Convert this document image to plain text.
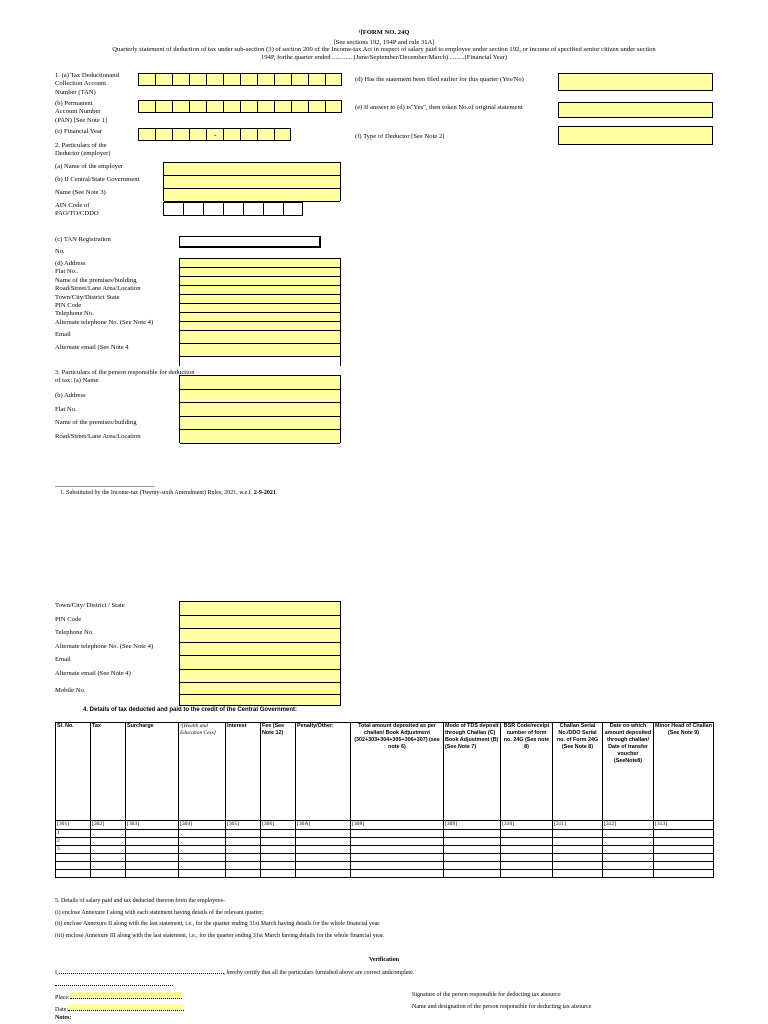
¹[FORM NO. 24Q
[See sections 192, 194P and rule 31A]
Quarterly statement of deduction of tax under sub-section (3) of section 200 of the Income-tax Act in respect of salary paid to employee under section 192, or income of specified senior citizen under section
194P, forthe quarter ended ............ (June/September/December/March) .........(Financial Year)
1. (a) Tax Deductionand
Collection Account
Number (TAN)
(b) Permanent
Account Number
(PAN) [See Note 1]
(c) Financial Year	-
(d) Has the statement been filed earlier for this quarter (Yes/No)
(e) If answer to (d) is"Yes", then token No.of original statement
(f) Type of Deductor [See Note 2]
2. Particulars of the
Deductor (employer)
(a) Name of the employer
(b) If Central/State Government
Name (See Note 3)
AIN Code of
PAO/TO/CDDO
(c) TAN Registration
No.
(d) Address
Flat No..
Name of the premises/building
Road/Street/Lane Area/Location
Town/City/District State
PIN Code
Telephone No.
Alternate telephone No. (See Note 4)
Email
Alternate email (See Note 4
3. Particulars of the person responsible for deduction
of tax: (a) Name
(b) Address
Flat No.
Name of the premises/building
Road/Street/Lane Area/Location
1. Substituted by the Income-tax (Twenty-sixth Amendment) Rules, 2021, w.e.f. 2-9-2021.
Town/City/ District / State
PIN Code
Telephone No.
Alternate telephone No. (See Note 4)
Email
Alternate email (See Note 4)
Mobile No.
4. Details of tax deducted and paid to the credit of the Central Government:
Sl. No.	Tax	Surcharge	²[Health and Education Cess]	Interest	Fee (See Note 12)	Penalty/Other:	Total amount deposited as per challan/ Book Adjustment (302+303+304+305+306+307) (see note 6)	Mode of TDS deposit through Challan (C) Book Adjustment (B) (See Note 7)	BSR Code/receipt number of form no. 24G (See note 8)	Challan Serial No./DDO Serial no. of Form 24G (See Note 8)	Date on which amount deposited through challan/ Date of transfer voucher (SeeNote8)	Minor Head of Challan (See Note 9)
[301]	[302]	[303]	[304]	[305]	[306]	[30A]	[308]	[309]	[310]	[311]	[312]	[313]
1												
2												
3												

5. Details of salary paid and tax deducted thereon from the employees-
(i) enclose Annexure I along with each statement having details of the relevant quarter;
(ii) enclose Annexure II along with the last statement, i.e., for the quarter ending 31st March having details for the whole financial year.
(iii) enclose Annexure III along with the last statement, i.e., for the quarter ending 31st March having details for the whole financial year.
Verification
I,	, hereby certify that all the particulars furnished above are correct andcomplete.
Place:
Date:
Notes:
Signature of the person responsible for deducting tax atsource
Name and designation of the person responsible for deducting tax atsource
